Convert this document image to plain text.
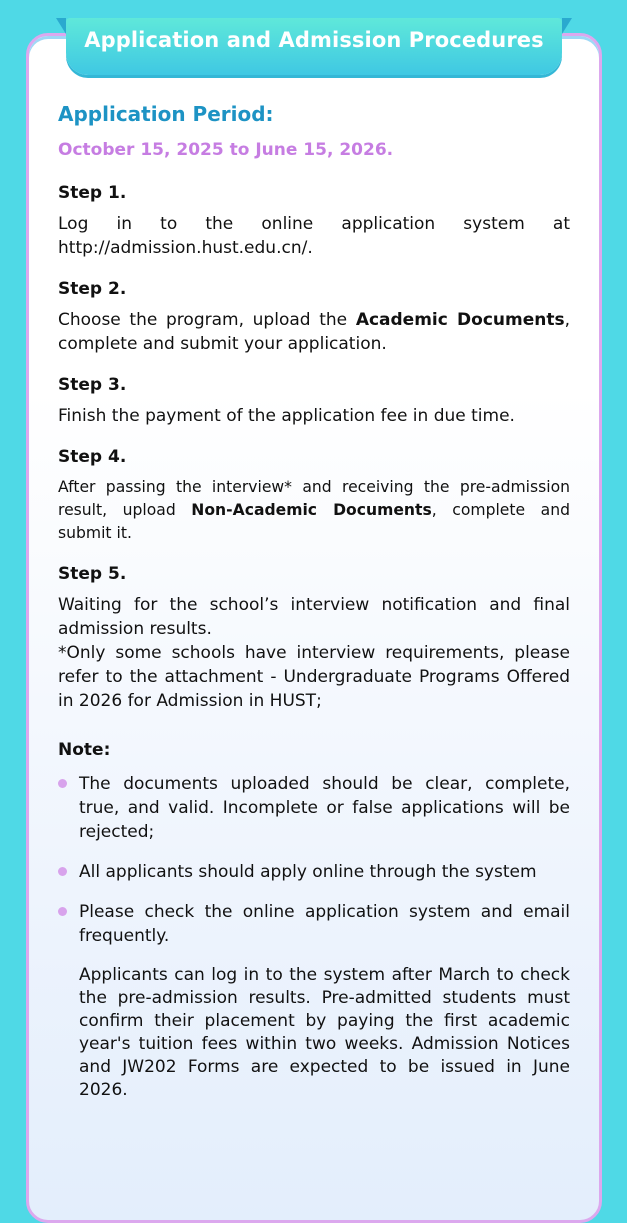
Application and Admission Procedures

Application Period:

October 15, 2025 to June 15, 2026.

Step 1.

Log in to the online application system at http://admission.hust.edu.cn/.

Step 2.

Choose the program, upload the Academic Documents, complete and submit your application.

Step 3.

Finish the payment of the application fee in due time.

Step 4.

After passing the interview* and receiving the pre-admission result, upload Non-Academic Documents, complete and submit it.

Step 5.

Waiting for the school’s interview notification and final admission results.

*Only some schools have interview requirements, please refer to the attachment - Undergraduate Programs Offered in 2026 for Admission in HUST;

Note:

The documents uploaded should be clear, complete, true, and valid. Incomplete or false applications will be rejected;
All applicants should apply online through the system
Please check the online application system and email frequently.

Applicants can log in to the system after March to check the pre-admission results. Pre-admitted students must confirm their placement by paying the first academic year's tuition fees within two weeks. Admission Notices and JW202 Forms are expected to be issued in June 2026.
